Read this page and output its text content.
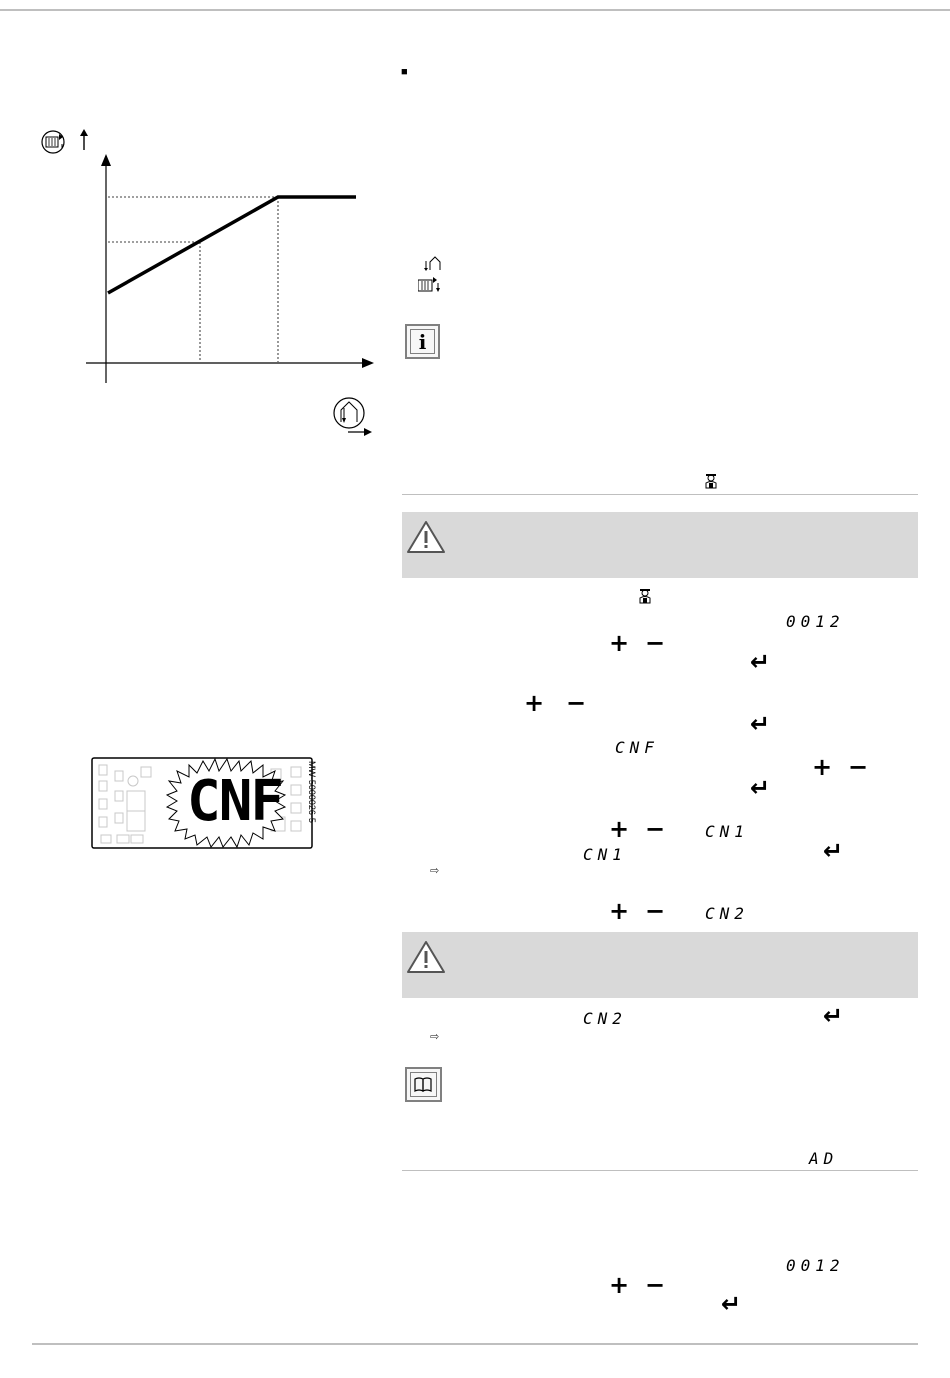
MW-5000026-5
CNF
■
i
0012
+ −
↵
+ −
↵
CNF
+ −
↵
+ − CN1
CN1	↵
⇨
+ − CN2
CN2	↵
⇨
AD
0012
+ −
↵
